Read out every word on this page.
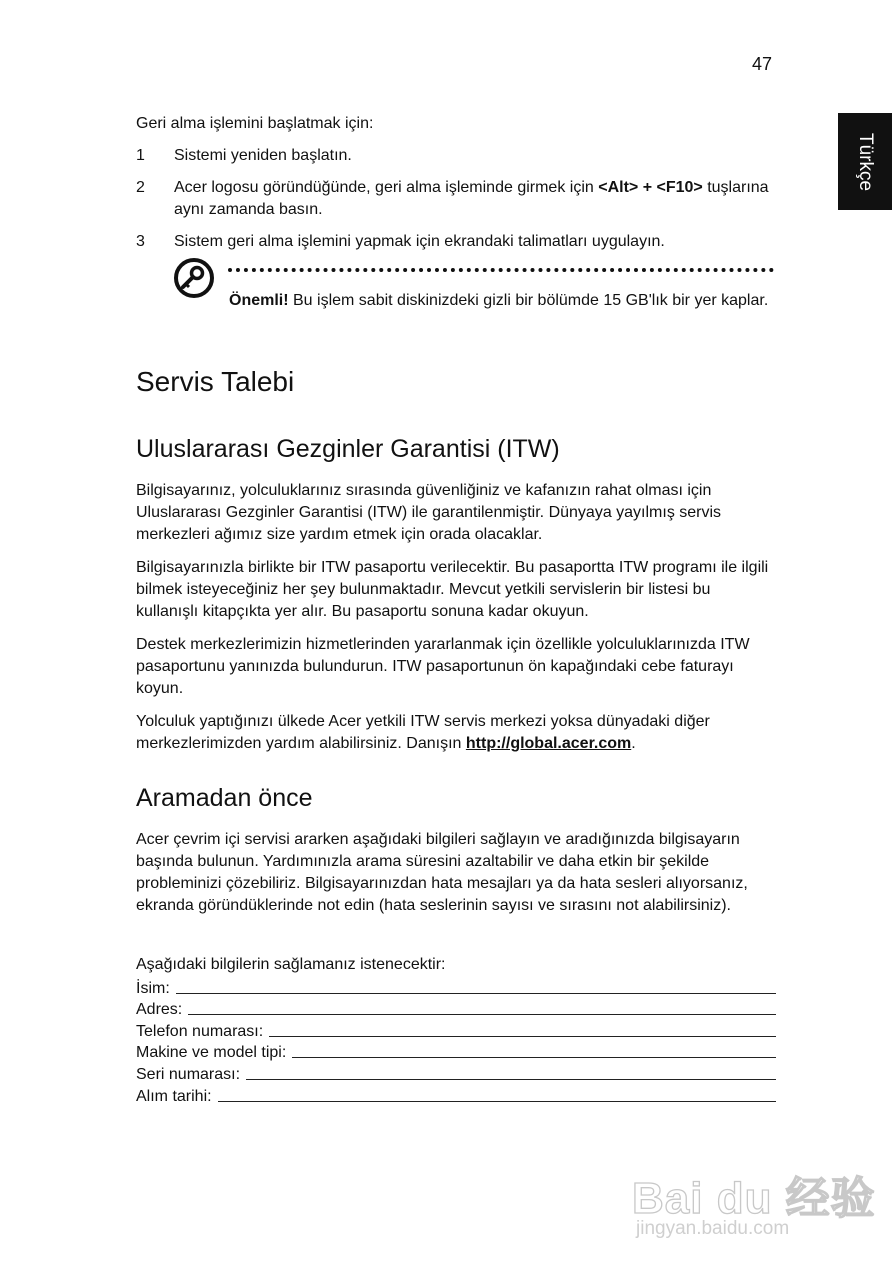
47
Türkçe

Geri alma işlemini başlatmak için:

1	Sistemi yeniden başlatın.

2	Acer logosu göründüğünde, geri alma işleminde girmek için <Alt> + <F10> tuşlarına aynı zamanda basın.

3	Sistem geri alma işlemini yapmak için ekrandaki talimatları uygulayın.

Önemli! Bu işlem sabit diskinizdeki gizli bir bölümde 15 GB'lık bir yer kaplar.
Servis Talebi
Uluslararası Gezginler Garantisi (ITW)

Bilgisayarınız, yolculuklarınız sırasında güvenliğiniz ve kafanızın rahat olması için Uluslararası Gezginler Garantisi (ITW) ile garantilenmiştir. Dünyaya yayılmış servis merkezleri ağımız size yardım etmek için orada olacaklar.

Bilgisayarınızla birlikte bir ITW pasaportu verilecektir. Bu pasaportta ITW programı ile ilgili bilmek isteyeceğiniz her şey bulunmaktadır. Mevcut yetkili servislerin bir listesi bu kullanışlı kitapçıkta yer alır. Bu pasaportu sonuna kadar okuyun.

Destek merkezlerimizin hizmetlerinden yararlanmak için özellikle yolculuklarınızda ITW pasaportunu yanınızda bulundurun. ITW pasaportunun ön kapağındaki cebe faturayı koyun.

Yolculuk yaptığınızı ülkede Acer yetkili ITW servis merkezi yoksa dünyadaki diğer merkezlerimizden yardım alabilirsiniz. Danışın http://global.acer.com.

Aramadan önce

Acer çevrim içi servisi ararken aşağıdaki bilgileri sağlayın ve aradığınızda bilgisayarın başında bulunun. Yardımınızla arama süresini azaltabilir ve daha etkin bir şekilde probleminizi çözebiliriz. Bilgisayarınızdan hata mesajları ya da hata sesleri alıyorsanız, ekranda göründüklerinde not edin (hata seslerinin sayısı ve sırasını not alabilirsiniz).

Aşağıdaki bilgilerin sağlamanız istenecektir:

İsim:
Adres:
Telefon numarası:
Makine ve model tipi:
Seri numarası:
Alım tarihi:
Bai du 经验
jingyan.baidu.com
